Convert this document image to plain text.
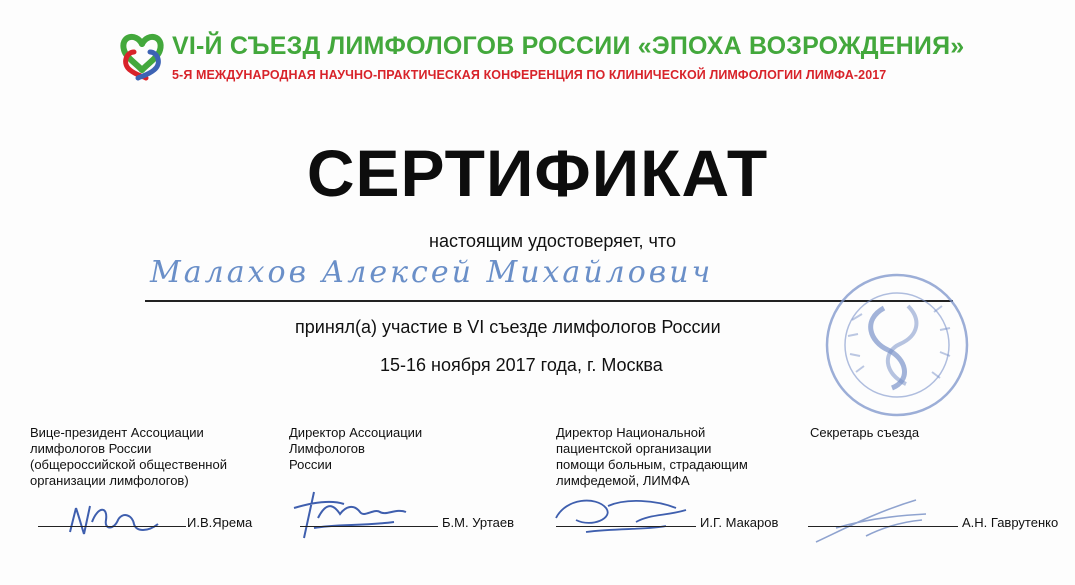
VI-Й СЪЕЗД ЛИМФОЛОГОВ РОССИИ «ЭПОХА ВОЗРОЖДЕНИЯ»
5-Я МЕЖДУНАРОДНАЯ НАУЧНО-ПРАКТИЧЕСКАЯ КОНФЕРЕНЦИЯ ПО КЛИНИЧЕСКОЙ ЛИМФОЛОГИИ ЛИМФА-2017
СЕРТИФИКАТ
настоящим удостоверяет, что
Малахов Алексей Михайлович
принял(а) участие в VI съезде лимфологов России
15-16 ноября 2017 года, г. Москва
Вице-президент Ассоциации
лимфологов России
(общероссийской общественной
организации лимфологов)
И.В.Ярема
Директор Ассоциации
Лимфологов
России
Б.М. Уртаев
Директор Национальной
пациентской организации
помощи больным, страдающим
лимфедемой, ЛИМФА
И.Г. Макаров
Секретарь съезда
А.Н. Гаврутенко
